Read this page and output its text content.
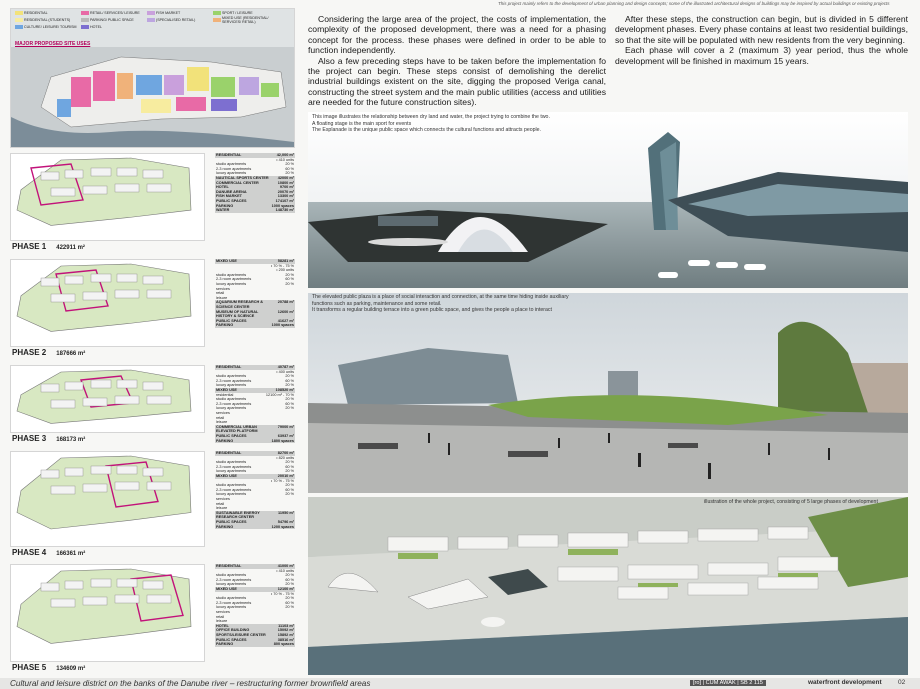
This project mainly refers to the development of urban planning and design concepts; some of the illustrated architectural designs of buildings may be inspired by actual buildings or existing projects
RESIDENTIAL	RETAIL/ SERVICES/ LEISURE	FISH MARKET	SPORT / LEISURE
RESIDENTIAL (STUDENTS)	PARKING/ PUBLIC SPACE	(SPECIALISED RETAIL)	MIXED USE (RESIDENTIAL/ SERVICES/ RETAIL)
CULTURE/ LEISURE/ TOURISM	HOTEL
MAJOR PROPOSED SITE USES
PHASE 1 422911 m²
RESIDENTIAL	42,000 m²
	• 410 units
studio apartments	20 %
2-3 room apartments	60 %
luxury apartments	20 %
NAUTICAL SPORTS CENTER	42000 m²
COMMERCIAL CENTER	10800 m²
HOTEL	9700 m²
DANUBE ARENA	20070 m²
FISH MARKET	13300 m²
PUBLIC SPACES	174107 m²
PARKING	1000 spaces
WATER	148730 m²
PHASE 2 187666 m²
MIXED USE	58281 m²
	• 70 % - 75 %
	• 200 units
studio apartments	20 %
2-3 room apartments	60 %
luxury apartments	20 %
services	
retail	
leisure	
AQUARIUM RESEARCH & SCIENCE CENTER	20788 m²
MUSEUM OF NATURAL HISTORY & SCIENCE	12600 m²
PUBLIC SPACES	41627 m²
PARKING	1000 spaces
PHASE 3 168173 m²
RESIDENTIAL	40787 m²
	• 400 units
studio apartments	20 %
2-3 room apartments	60 %
luxury apartments	20 %
MIXED USE	108520 m²
residential	12100 m² - 70 %
studio apartments	20 %
2-3 room apartments	60 %
luxury apartments	20 %
services	
retail	
leisure	
COMMERCIAL URBAN ELEVATED PLATFORM	79000 m²
PUBLIC SPACES	63937 m²
PARKING	1800 spaces
PHASE 4 166361 m²
RESIDENTIAL	82700 m²
	• 820 units
studio apartments	20 %
2-3 room apartments	60 %
luxury apartments	20 %
MIXED USE	20010 m²
	• 70 % - 75 %
studio apartments	20 %
2-3 room apartments	60 %
luxury apartments	20 %
services	
retail	
leisure	
SUSTAINABLE ENERGY RESEARCH CENTER	11950 m²
PUBLIC SPACES	54796 m²
PARKING	1200 spaces
PHASE 5 134609 m²
RESIDENTIAL	41000 m²
	• 410 units
studio apartments	20 %
2-3 room apartments	60 %
luxury apartments	20 %
MIXED USE	12100 m²
	• 70 % - 75 %
studio apartments	20 %
2-3 room apartments	60 %
luxury apartments	20 %
services	
retail	
leisure	
HOTEL	11103 m²
OFFICE BUILDING	15092 m²
SPORTS/LEISURE CENTER	15892 m²
PUBLIC SPACES	38516 m²
PARKING	800 spaces

Considering the large area of the project, the costs of implementation, the complexity of the proposed development, there was a need for a phasing concept for the process. these phases were defined in order to be able to function independently.

Also a few preceding steps have to be taken before the implementation fo the project can begin. These steps consist of demolishing the derelict industrial buildings existent on the site, digging the proposed Veriga canal, constructing the street system and the main public utilities (access and utilities are needed for the future construction sites).

After these steps, the construction can begin, but is divided in 5 different development phases. Every phase contains at least two residential buildings, so that the site will be populated with new residents from the very beginning.

Each phase will cover a 2 (maximum 3) year period, thus the whole development will be finished in maximum 15 years.

This image illustrates the relationship between dry land and water, the project trying to combine the two.
A floating stage is the main sport for events
The Esplanade is the unique public space which connects the cultural functions and attracts people.
The elevated public plaza is a place of social interaction and connection, at the same time hiding inside auxiliary
functions such as parking, maintenance and some retail.
It transforms a regular building terrace into a green public space, and gives the people a place to interact
illustration of the whole project, consisting of 5 large phases of development
Cultural and leisure district on the banks of the Danube river – restructuring former brownfield areas	[ro] | CUM AWAK | SB 2 115	waterfront development	02
